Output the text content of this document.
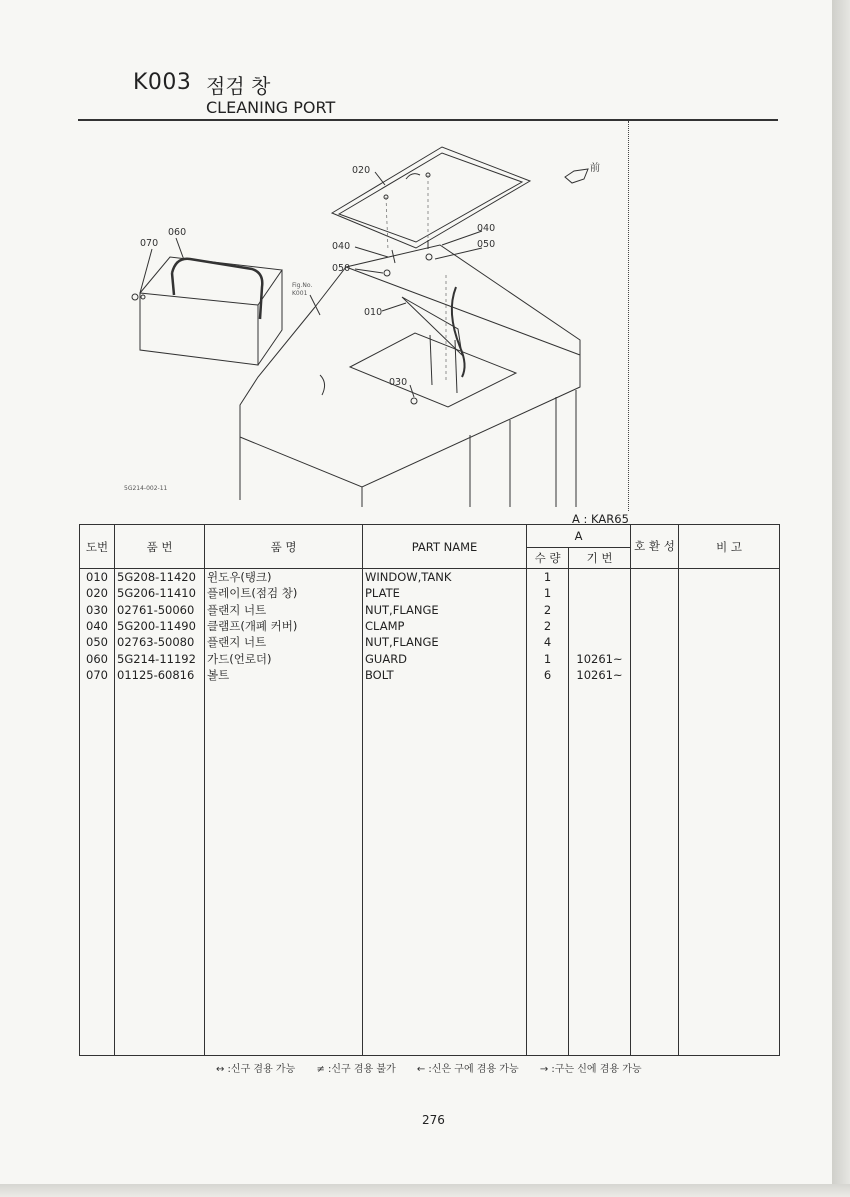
K003 점검 창
CLEANING PORT
020
060
070	040
050
040
050
010
030
前
Fig.No.
K001
5G214-002-11
A : KAR65
도번	품 번	품 명	PART NAME	A		호 환 성	비 고
				수 량	기 번		
010	5G208-11420	윈도우(탱크)	WINDOW,TANK	1			
020	5G206-11410	플레이트(점검 창)	PLATE	1			
030	02761-50060	플랜지 너트	NUT,FLANGE	2			
040	5G200-11490	클램프(개폐 커버)	CLAMP	2			
050	02763-50080	플랜지 너트	NUT,FLANGE	4			
060	5G214-11192	가드(언로더)	GUARD	1	10261~		
070	01125-60816	볼트	BOLT	6	10261~		

↔ :신구 겸용 가능 ≠ :신구 겸용 불가 ← :신은 구에 겸용 가능 → :구는 신에 겸용 가능
276
